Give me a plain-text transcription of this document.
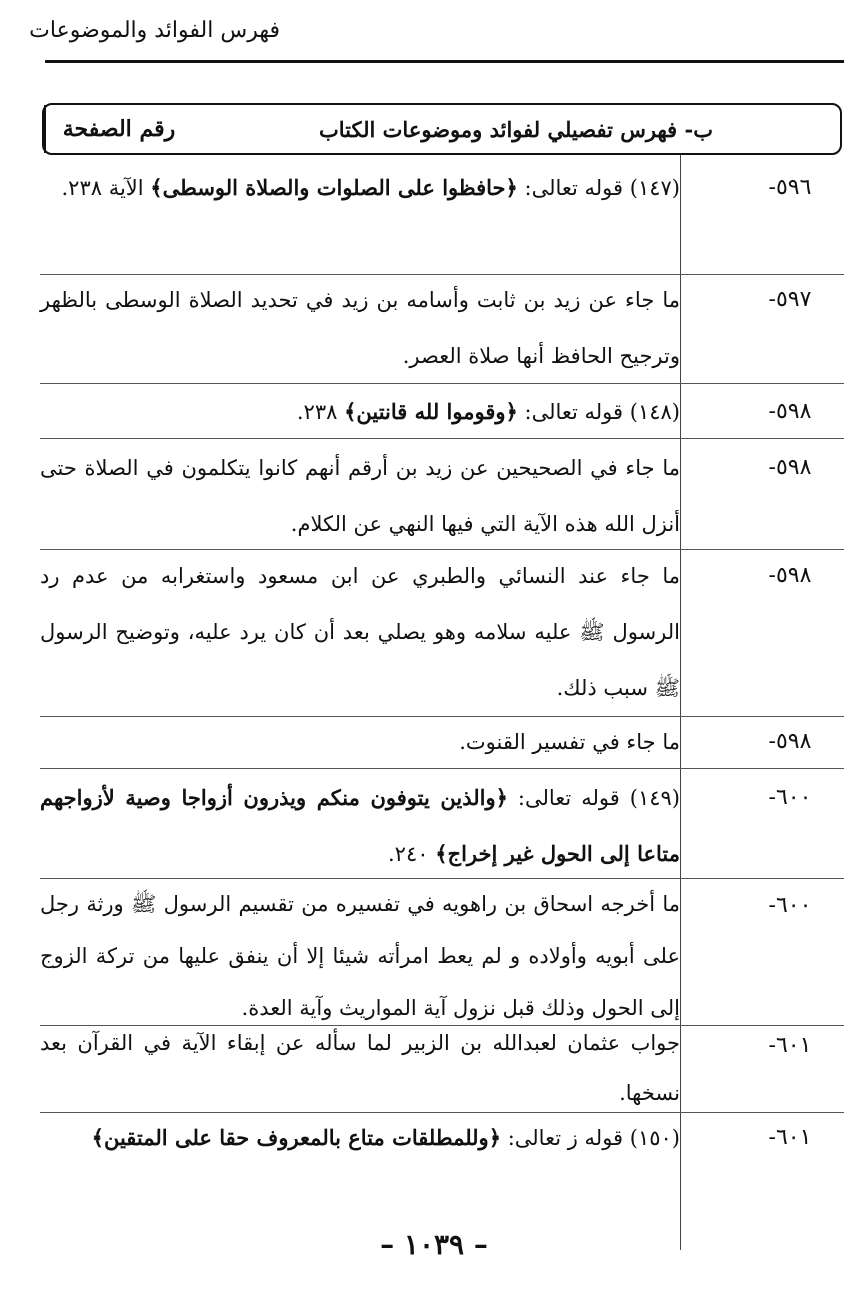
فهرس الفوائد والموضوعات
رقم الصفحة	ب- فهرس تفصيلي لفوائد وموضوعات الكتاب
٥٩٦-
(١٤٧) قوله تعالى: ﴿حافظوا على الصلوات والصلاة الوسطى﴾ الآية ٢٣٨.
٥٩٧-
ما جاء عن زيد بن ثابت وأسامه بن زيد في تحديد الصلاة الوسطى بالظهر وترجيح الحافظ أنها صلاة العصر.
٥٩٨-
(١٤٨) قوله تعالى: ﴿وقوموا لله قانتين﴾ ٢٣٨.
٥٩٨-
ما جاء في الصحيحين عن زيد بن أرقم أنهم كانوا يتكلمون في الصلاة حتى أنزل الله هذه الآية التي فيها النهي عن الكلام.
٥٩٨-
ما جاء عند النسائي والطبري عن ابن مسعود واستغرابه من عدم رد الرسول ﷺ عليه سلامه وهو يصلي بعد أن كان يرد عليه، وتوضيح الرسول ﷺ سبب ذلك.
٥٩٨-
ما جاء في تفسير القنوت.
٦٠٠-
(١٤٩) قوله تعالى: ﴿والذين يتوفون منكم ويذرون أزواجا وصية لأزواجهم متاعا إلى الحول غير إخراج﴾ ٢٤٠.
٦٠٠-
ما أخرجه اسحاق بن راهويه في تفسيره من تقسيم الرسول ﷺ ورثة رجل على أبويه وأولاده و لم يعط امرأته شيئا إلا أن ينفق عليها من تركة الزوج إلى الحول وذلك قبل نزول آية المواريث وآية العدة.
٦٠١-
جواب عثمان لعبدالله بن الزبير لما سأله عن إبقاء الآية في القرآن بعد نسخها.
٦٠١-
(١٥٠) قوله ز تعالى: ﴿وللمطلقات متاع بالمعروف حقا على المتقين﴾
– ١٠٣٩ –
